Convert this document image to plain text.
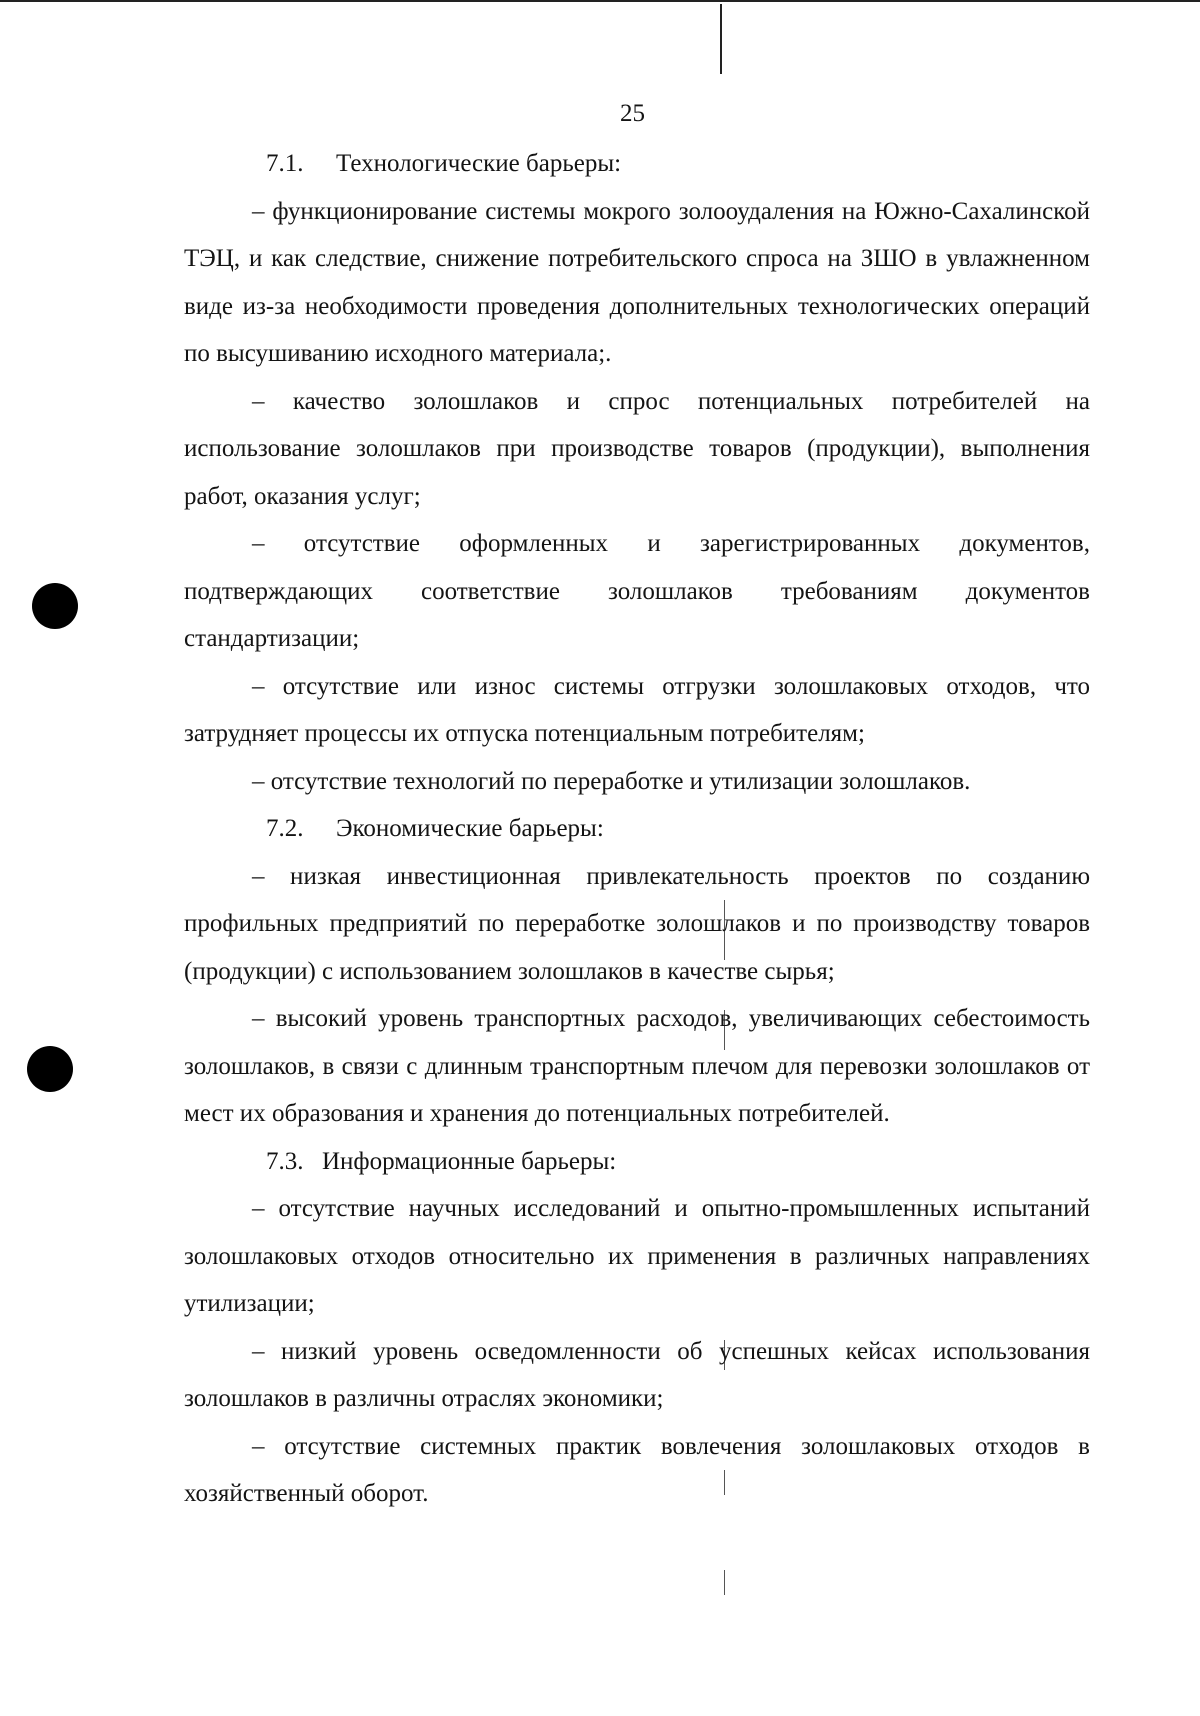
25
7.1. Технологические барьеры:

– функционирование системы мокрого золооудаления на Южно-Сахалинской ТЭЦ, и как следствие, снижение потребительского спроса на ЗШО в увлажненном виде из-за необходимости проведения дополнительных технологических операций по высушиванию исходного материала;.

– качество золошлаков и спрос потенциальных потребителей на использование золошлаков при производстве товаров (продукции), выполнения работ, оказания услуг;

– отсутствие оформленных и зарегистрированных документов, подтверждающих соответствие золошлаков требованиям документов стандартизации;

– отсутствие или износ системы отгрузки золошлаковых отходов, что затрудняет процессы их отпуска потенциальным потребителям;

– отсутствие технологий по переработке и утилизации золошлаков.

7.2. Экономические барьеры:

– низкая инвестиционная привлекательность проектов по созданию профильных предприятий по переработке золошлаков и по производству товаров (продукции) с использованием золошлаков в качестве сырья;

– высокий уровень транспортных расходов, увеличивающих себестоимость золошлаков, в связи с длинным транспортным плечом для перевозки золошлаков от мест их образования и хранения до потенциальных потребителей.

7.3. Информационные барьеры:

– отсутствие научных исследований и опытно-промышленных испытаний золошлаковых отходов относительно их применения в различных направлениях утилизации;

– низкий уровень осведомленности об успешных кейсах использования золошлаков в различны отраслях экономики;

– отсутствие системных практик вовлечения золошлаковых отходов в хозяйственный оборот.
